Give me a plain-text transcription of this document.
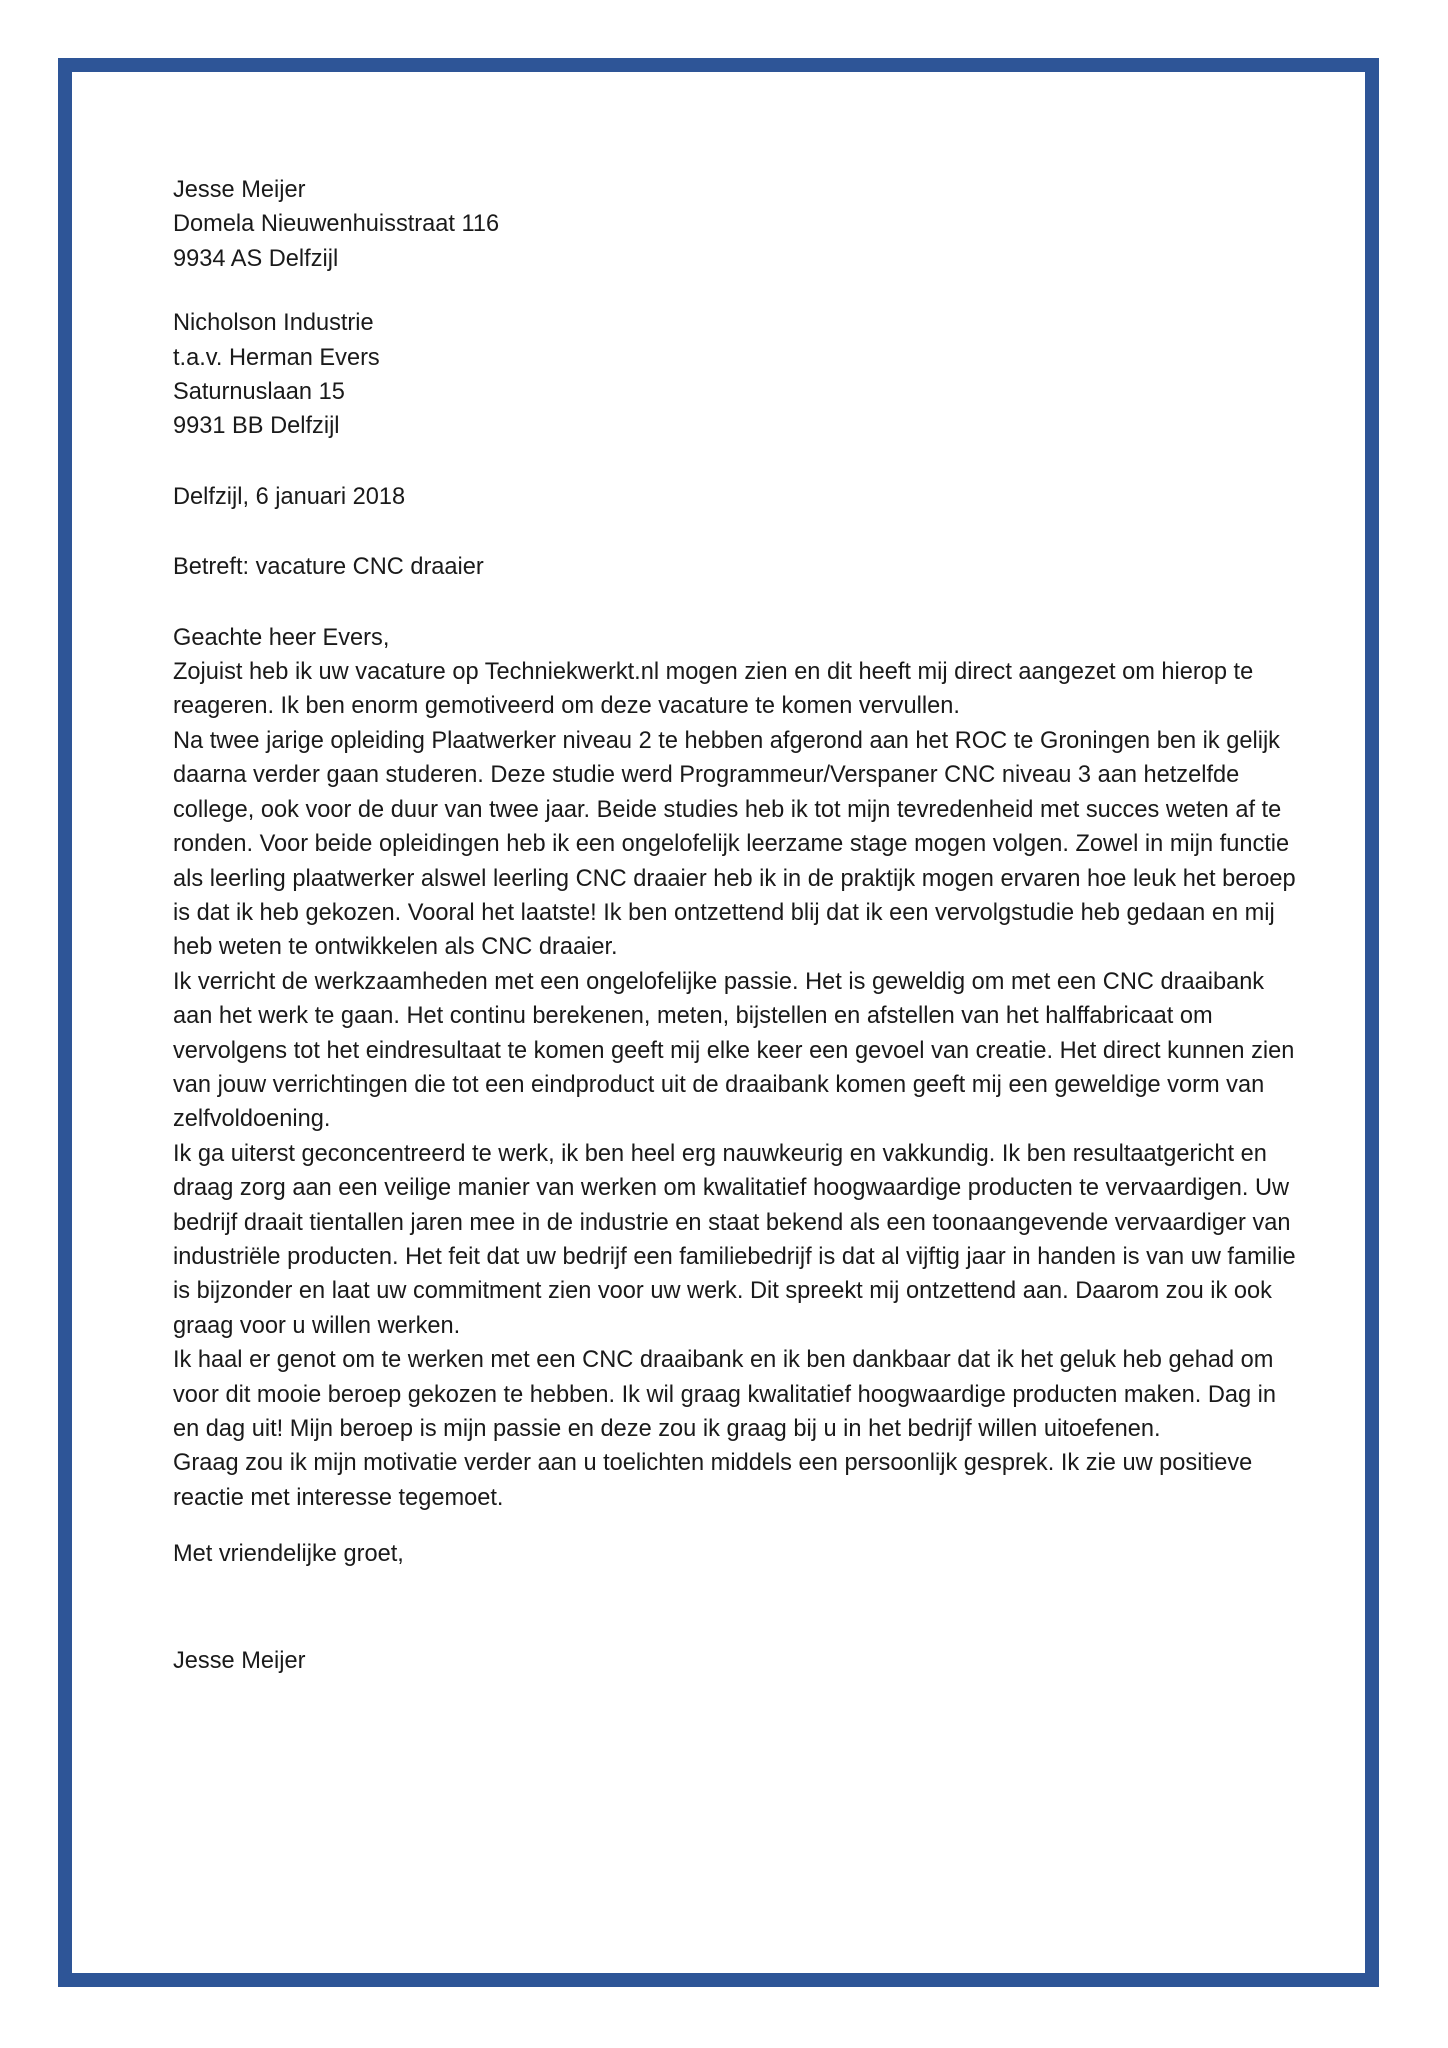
Jesse Meijer
Domela Nieuwenhuisstraat 116
9934 AS Delfzijl
Nicholson Industrie
t.a.v. Herman Evers
Saturnuslaan 15
9931 BB Delfzijl
Delfzijl, 6 januari 2018
Betreft: vacature CNC draaier
Geachte heer Evers,

Zojuist heb ik uw vacature op Techniekwerkt.nl mogen zien en dit heeft mij direct aangezet om hierop te reageren. Ik ben enorm gemotiveerd om deze vacature te komen vervullen.

Na twee jarige opleiding Plaatwerker niveau 2 te hebben afgerond aan het ROC te Groningen ben ik gelijk daarna verder gaan studeren. Deze studie werd Programmeur/Verspaner CNC niveau 3 aan hetzelfde college, ook voor de duur van twee jaar. Beide studies heb ik tot mijn tevredenheid met succes weten af te ronden. Voor beide opleidingen heb ik een ongelofelijk leerzame stage mogen volgen. Zowel in mijn functie als leerling plaatwerker alswel leerling CNC draaier heb ik in de praktijk mogen ervaren hoe leuk het beroep is dat ik heb gekozen. Vooral het laatste! Ik ben ontzettend blij dat ik een vervolgstudie heb gedaan en mij heb weten te ontwikkelen als CNC draaier.

Ik verricht de werkzaamheden met een ongelofelijke passie. Het is geweldig om met een CNC draaibank aan het werk te gaan. Het continu berekenen, meten, bijstellen en afstellen van het halffabricaat om vervolgens tot het eindresultaat te komen geeft mij elke keer een gevoel van creatie. Het direct kunnen zien van jouw verrichtingen die tot een eindproduct uit de draaibank komen geeft mij een geweldige vorm van zelfvoldoening.

Ik ga uiterst geconcentreerd te werk, ik ben heel erg nauwkeurig en vakkundig. Ik ben resultaatgericht en draag zorg aan een veilige manier van werken om kwalitatief hoogwaardige producten te vervaardigen. Uw bedrijf draait tientallen jaren mee in de industrie en staat bekend als een toonaangevende vervaardiger van industriële producten. Het feit dat uw bedrijf een familiebedrijf is dat al vijftig jaar in handen is van uw familie is bijzonder en laat uw commitment zien voor uw werk. Dit spreekt mij ontzettend aan. Daarom zou ik ook graag voor u willen werken.

Ik haal er genot om te werken met een CNC draaibank en ik ben dankbaar dat ik het geluk heb gehad om voor dit mooie beroep gekozen te hebben. Ik wil graag kwalitatief hoogwaardige producten maken. Dag in en dag uit! Mijn beroep is mijn passie en deze zou ik graag bij u in het bedrijf willen uitoefenen.

Graag zou ik mijn motivatie verder aan u toelichten middels een persoonlijk gesprek. Ik zie uw positieve reactie met interesse tegemoet.

Met vriendelijke groet,
Jesse Meijer
